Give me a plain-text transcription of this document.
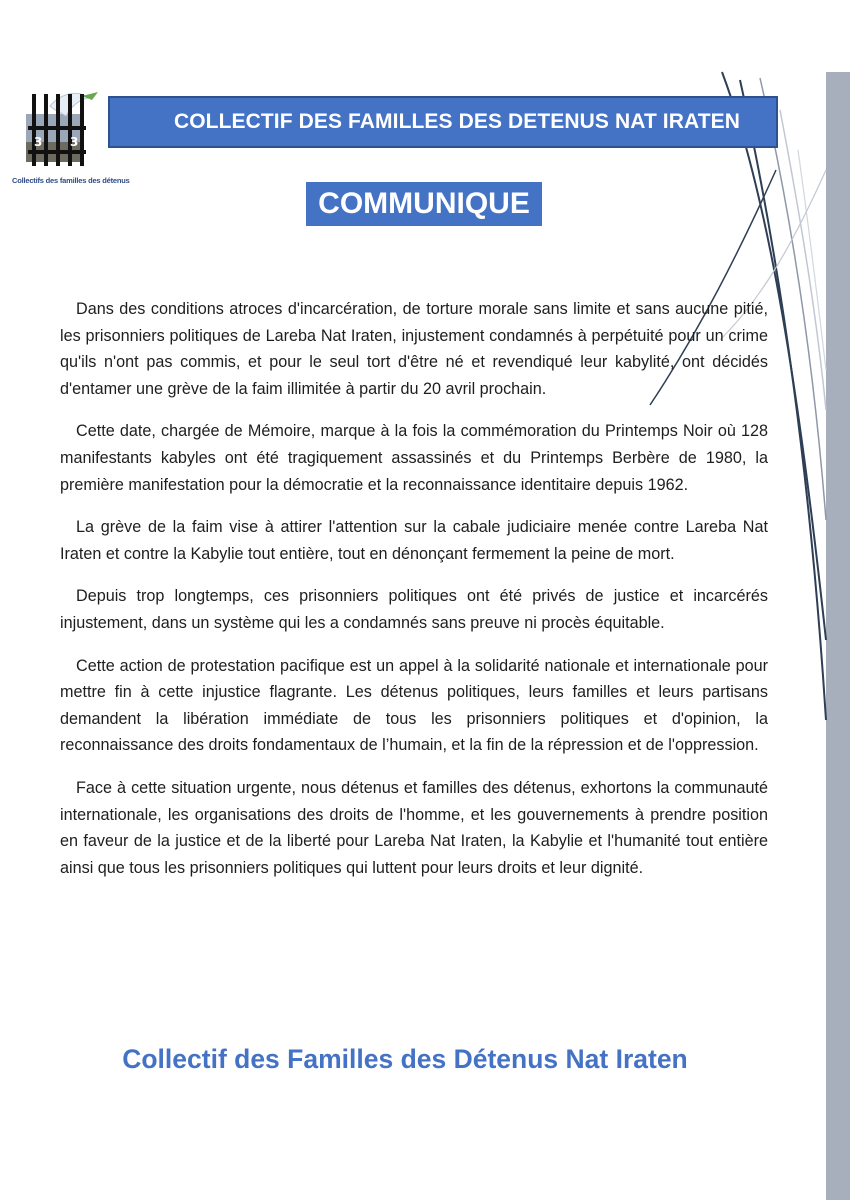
3 3
Collectifs des familles des détenus
COLLECTIF DES FAMILLES DES DETENUS NAT IRATEN
COMMUNIQUE

Dans des conditions atroces d'incarcération, de torture morale sans limite et sans aucune pitié, les prisonniers politiques de Lareba Nat Iraten, injustement condamnés à perpétuité pour un crime qu'ils n'ont pas commis, et pour le seul tort d'être né et revendiqué leur kabylité, ont décidés d'entamer une grève de la faim illimitée à partir du 20 avril prochain.

Cette date, chargée de Mémoire, marque à la fois la commémoration du Printemps Noir où 128 manifestants kabyles ont été tragiquement assassinés et du Printemps Berbère de 1980, la première manifestation pour la démocratie et la reconnaissance identitaire depuis 1962.

La grève de la faim vise à attirer l'attention sur la cabale judiciaire menée contre Lareba Nat Iraten et contre la Kabylie tout entière, tout en dénonçant fermement la peine de mort.

Depuis trop longtemps, ces prisonniers politiques ont été privés de justice et incarcérés injustement, dans un système qui les a condamnés sans preuve ni procès équitable.

Cette action de protestation pacifique est un appel à la solidarité nationale et internationale pour mettre fin à cette injustice flagrante. Les détenus politiques, leurs familles et leurs partisans demandent la libération immédiate de tous les prisonniers politiques et d'opinion, la reconnaissance des droits fondamentaux de l’humain, et la fin de la répression et de l'oppression.

Face à cette situation urgente, nous détenus et familles des détenus, exhortons la communauté internationale, les organisations des droits de l'homme, et les gouvernements à prendre position en faveur de la justice et de la liberté pour Lareba Nat Iraten, la Kabylie et l'humanité tout entière ainsi que tous les prisonniers politiques qui luttent pour leurs droits et leur dignité.

Collectif des Familles des Détenus Nat Iraten
